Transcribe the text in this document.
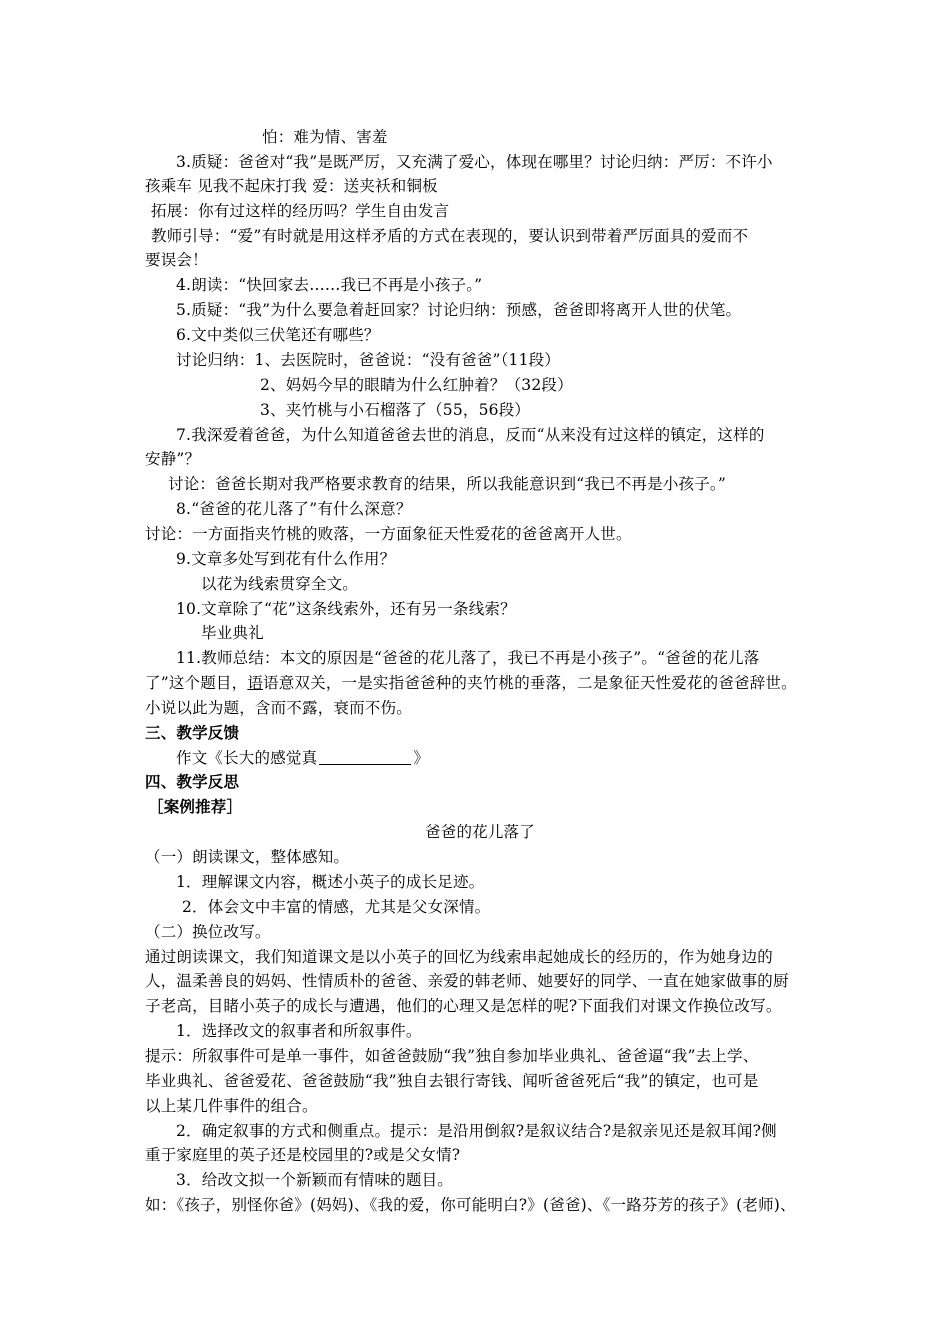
怕：难为情、害羞
3.质疑：爸爸对“我”是既严厉，又充满了爱心，体现在哪里？讨论归纳：严厉：不许小
孩乘车 见我不起床打我 爱：送夹袄和铜板
拓展：你有过这样的经历吗？学生自由发言
教师引导：“爱”有时就是用这样矛盾的方式在表现的，要认识到带着严厉面具的爱而不
要误会！
4.朗读：“快回家去……我已不再是小孩子。”
5.质疑：“我”为什么要急着赶回家？讨论归纳：预感，爸爸即将离开人世的伏笔。
6.文中类似三伏笔还有哪些？
讨论归纳：1、去医院时，爸爸说：“没有爸爸”（11段）
2、妈妈今早的眼睛为什么红肿着？（32段）
3、夹竹桃与小石榴落了（55，56段）
7.我深爱着爸爸，为什么知道爸爸去世的消息，反而“从来没有过这样的镇定，这样的
安静”？
讨论：爸爸长期对我严格要求教育的结果，所以我能意识到“我已不再是小孩子。”
8.“爸爸的花儿落了”有什么深意？
讨论：一方面指夹竹桃的败落，一方面象征天性爱花的爸爸离开人世。
9.文章多处写到花有什么作用？
以花为线索贯穿全文。
10.文章除了“花”这条线索外，还有另一条线索？
毕业典礼
11.教师总结：本文的原因是“爸爸的花儿落了，我已不再是小孩子”。“爸爸的花儿落
了”这个题目，语语意双关，一是实指爸爸种的夹竹桃的垂落，二是象征天性爱花的爸爸辞世。
小说以此为题，含而不露，衰而不伤。
三、教学反馈
作文《长大的感觉真	》
四、教学反思
［案例推荐］
爸爸的花儿落了
（一）朗读课文，整体感知。
1．理解课文内容，概述小英子的成长足迹。
2．体会文中丰富的情感，尤其是父女深情。
（二）换位改写。
通过朗读课文，我们知道课文是以小英子的回忆为线索串起她成长的经历的，作为她身边的
人，温柔善良的妈妈、性情质朴的爸爸、亲爱的韩老师、她要好的同学、一直在她家做事的厨
子老高，目睹小英子的成长与遭遇，他们的心理又是怎样的呢?下面我们对课文作换位改写。
1．选择改文的叙事者和所叙事件。
提示：所叙事件可是单一事件，如爸爸鼓励“我”独自参加毕业典礼、爸爸逼“我”去上学、
毕业典礼、爸爸爱花、爸爸鼓励“我”独自去银行寄钱、闻听爸爸死后“我”的镇定，也可是
以上某几件事件的组合。
2．确定叙事的方式和侧重点。提示：是沿用倒叙?是叙议结合?是叙亲见还是叙耳闻?侧
重于家庭里的英子还是校园里的?或是父女情?
3．给改文拟一个新颖而有情味的题目。
如：《孩子，别怪你爸》(妈妈)、《我的爱，你可能明白?》(爸爸)、《一路芬芳的孩子》(老师)、
